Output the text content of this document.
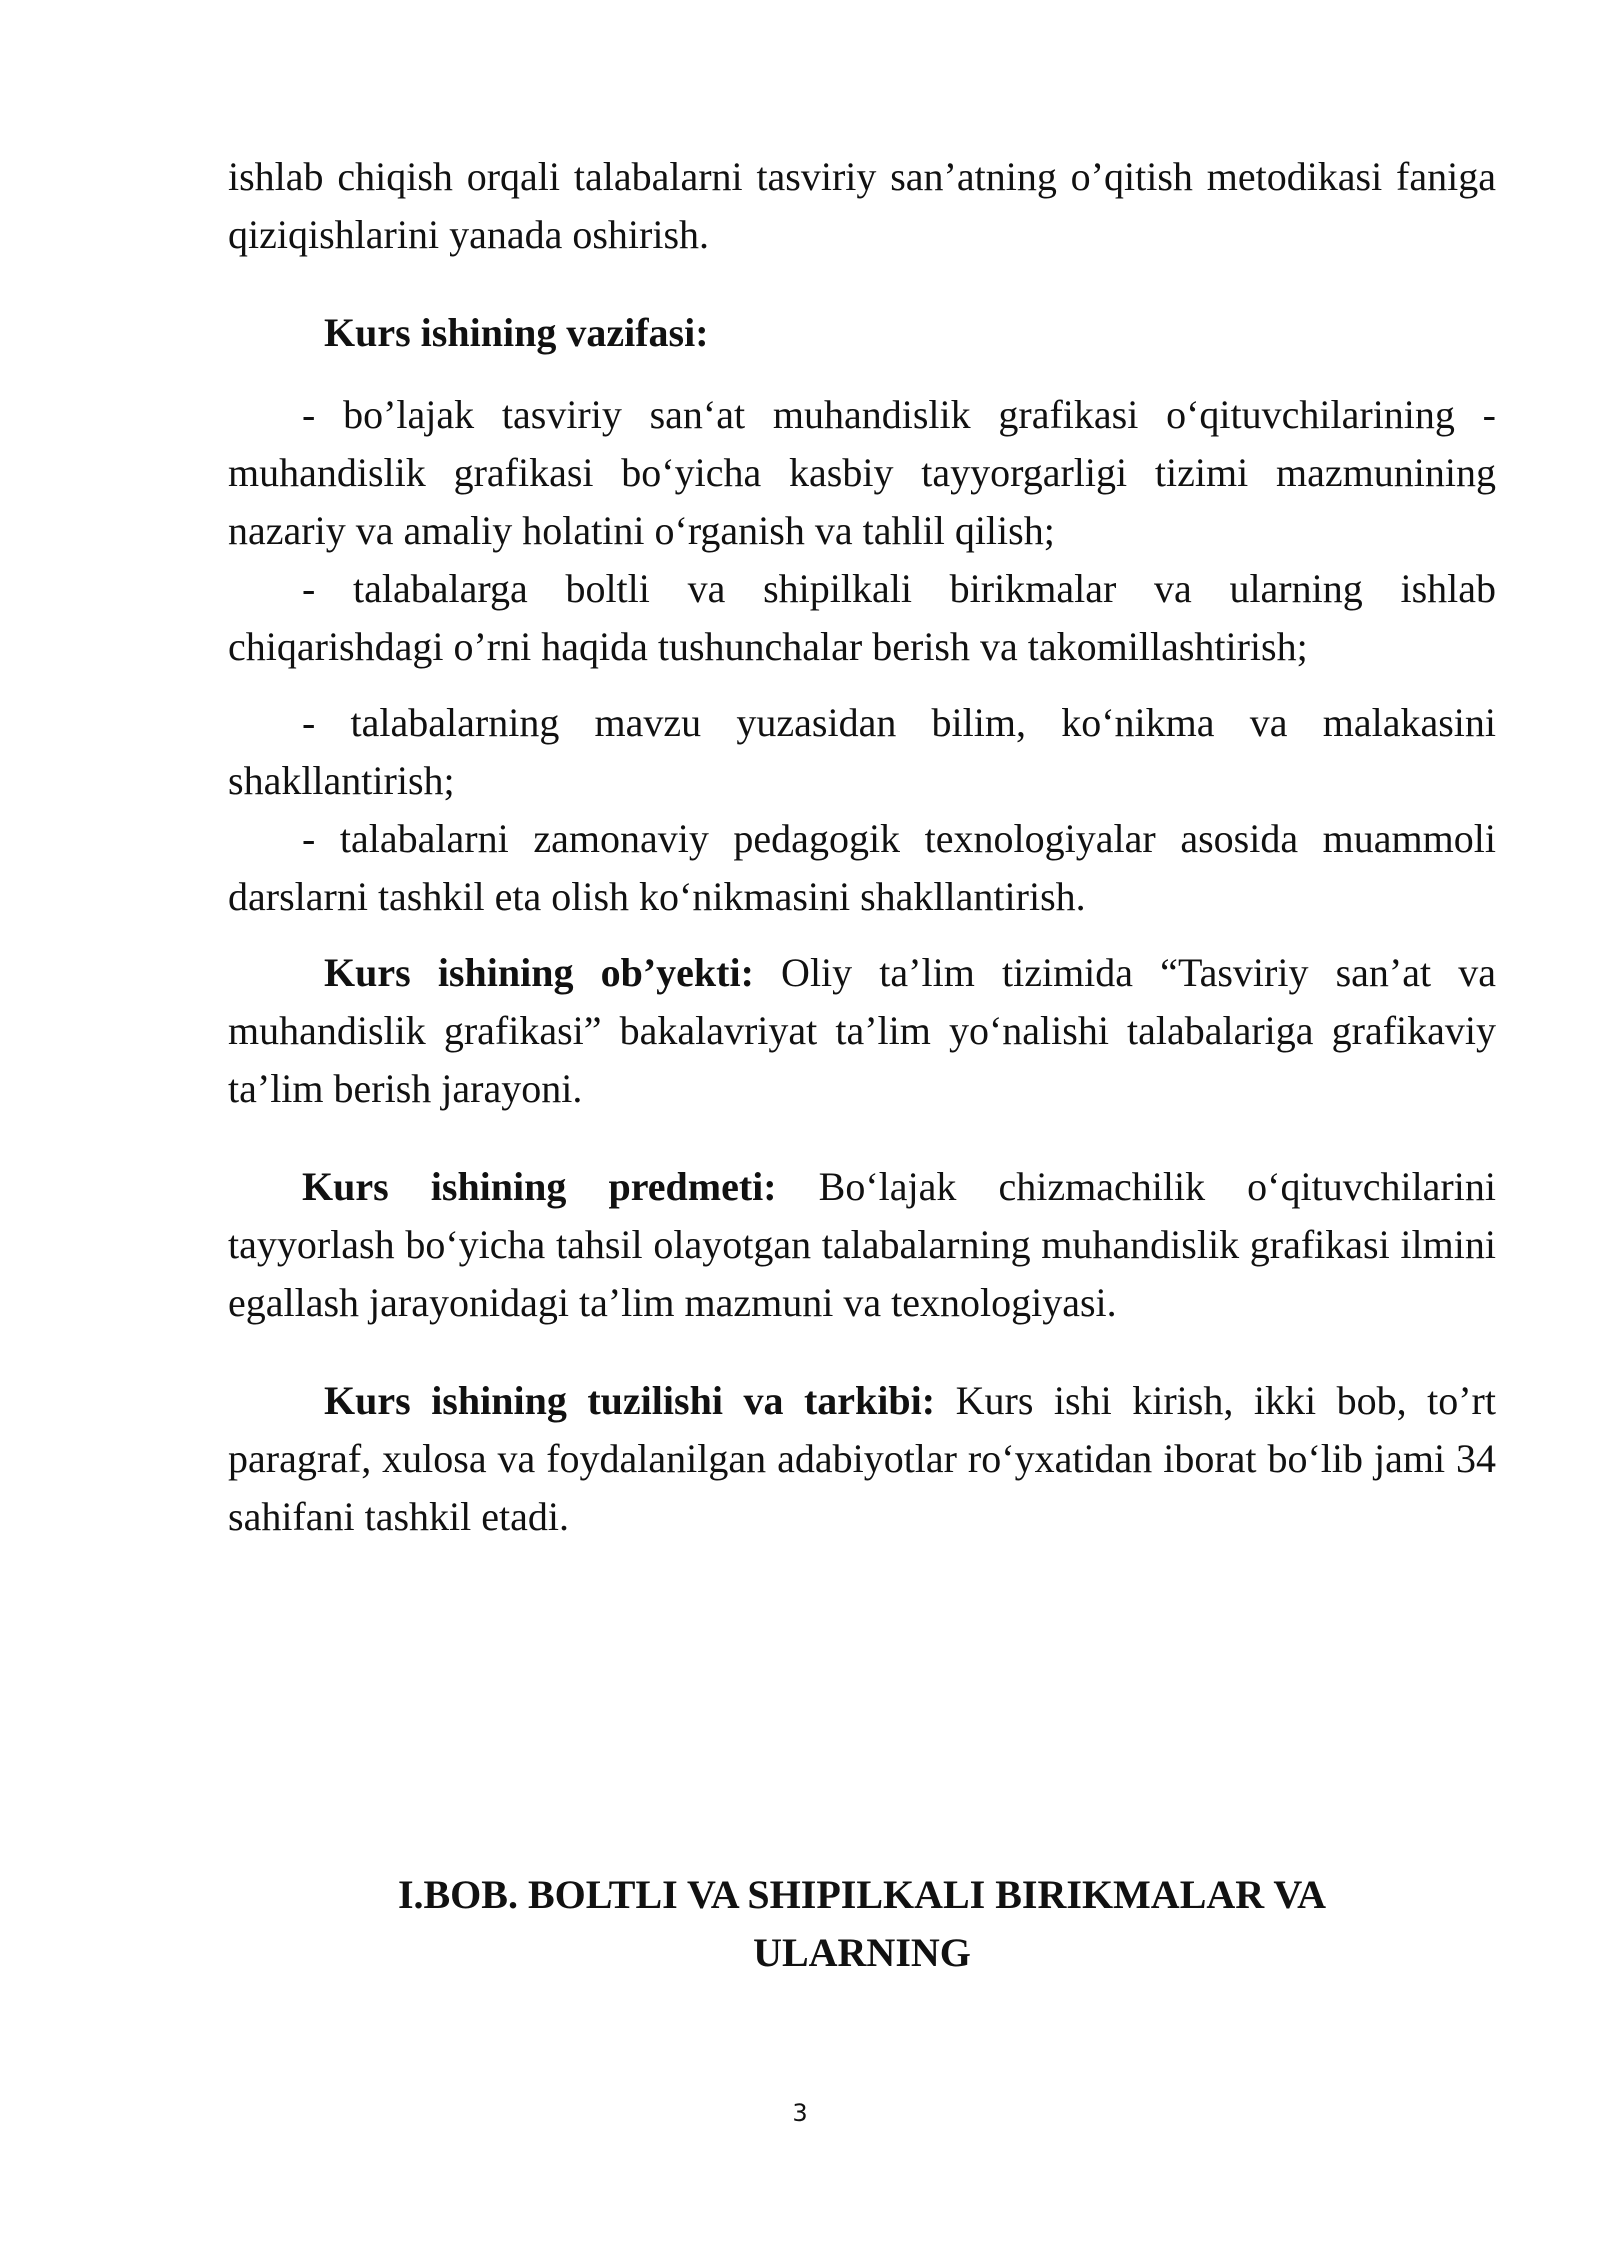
ishlab chiqish orqali talabalarni tasviriy san’atning o’qitish metodikasi faniga qiziqishlarini yanada oshirish.

Kurs ishining vazifasi:

- bo’lajak tasviriy san‘at muhandislik grafikasi o‘qituvchilarining - muhandislik grafikasi bo‘yicha kasbiy tayyorgarligi tizimi mazmunining nazariy va amaliy holatini o‘rganish va tahlil qilish;

- talabalarga boltli va shipilkali birikmalar va ularning ishlab chiqarishdagi o’rni haqida tushunchalar berish va takomillashtirish;

- talabalarning mavzu yuzasidan bilim, ko‘nikma va malakasini shakllantirish;

- talabalarni zamonaviy pedagogik texnologiyalar asosida muammoli darslarni tashkil eta olish ko‘nikmasini shakllantirish.

Kurs ishining ob’yekti: Oliy ta’lim tizimida “Tasviriy san’at va muhandislik grafikasi” bakalavriyat ta’lim yo‘nalishi talabalariga grafikaviy ta’lim berish jarayoni.

Kurs ishining predmeti: Bo‘lajak chizmachilik o‘qituvchilarini tayyorlash bo‘yicha tahsil olayotgan talabalarning muhandislik grafikasi ilmini egallash jarayonidagi ta’lim mazmuni va texnologiyasi.

Kurs ishining tuzilishi va tarkibi: Kurs ishi kirish, ikki bob, to’rt paragraf, xulosa va foydalanilgan adabiyotlar ro‘yxatidan iborat bo‘lib jami 34 sahifani tashkil etadi.

I.BOB. BOLTLI VA SHIPILKALI BIRIKMALAR VA
ULARNING
3
